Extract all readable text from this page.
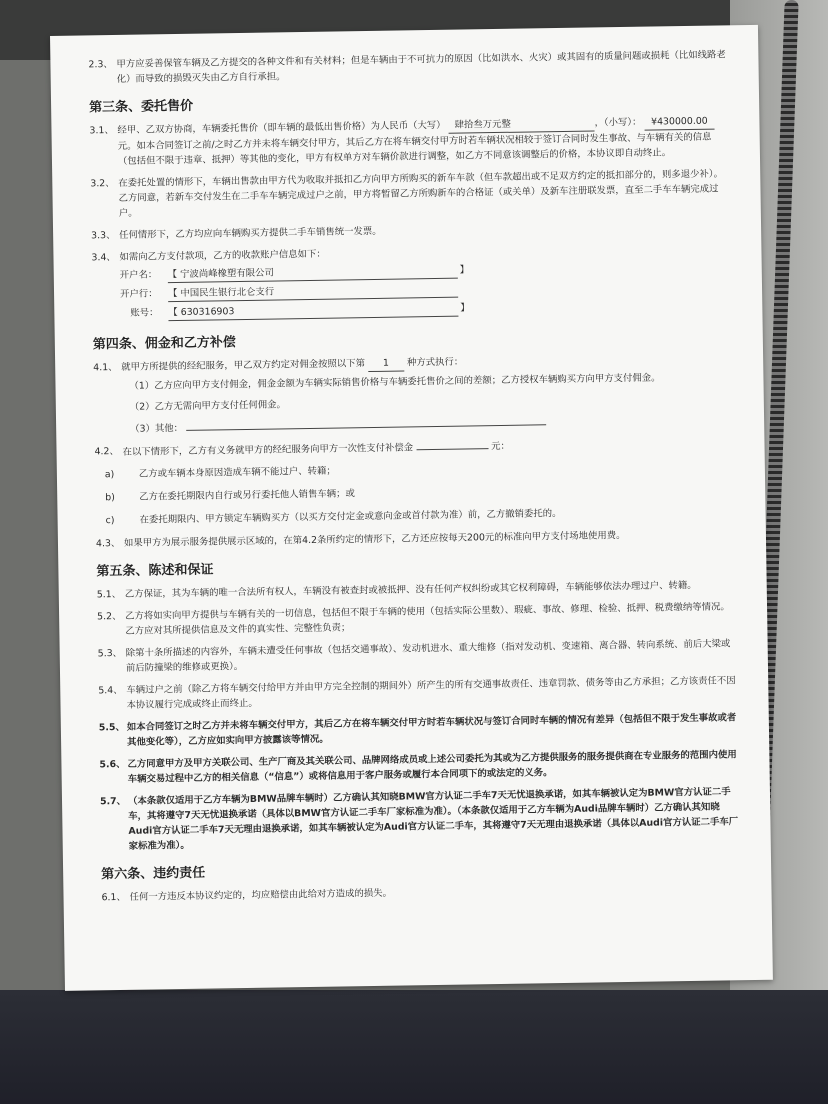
2.3、 甲方应妥善保管车辆及乙方提交的各种文件和有关材料；但是车辆由于不可抗力的原因（比如洪水、火灾）或其固有的质量问题或损耗（比如线路老化）而导致的损毁灭失由乙方自行承担。
第三条、委托售价
3.1、 经甲、乙双方协商，车辆委托售价（即车辆的最低出售价格）为人民币（大写） 肆拾叁万元整	，（小写）： ¥430000.00 元。如本合同签订之前/之时乙方并未将车辆交付甲方，其后乙方在将车辆交付甲方时若车辆状况相较于签订合同时发生事故、与车辆有关的信息（包括但不限于违章、抵押）等其他的变化，甲方有权单方对车辆价款进行调整，如乙方不同意该调整后的价格，本协议即自动终止。
3.2、 在委托处置的情形下，车辆出售款由甲方代为收取并抵扣乙方向甲方所购买的新车车款（但车款超出或不足双方约定的抵扣部分的，则多退少补）。乙方同意，若新车交付发生在二手车车辆完成过户之前，甲方将暂留乙方所购新车的合格证（或关单）及新车注册联发票，直至二手车车辆完成过户。
3.3、 任何情形下，乙方均应向车辆购买方提供二手车销售统一发票。
3.4、 如需向乙方支付款项，乙方的收款账户信息如下：
开户名： 【 宁波尚峰橡塑有限公司	】
开户行： 【 中国民生银行北仑支行
账号： 【 630316903	】
第四条、佣金和乙方补偿
4.1、 就甲方所提供的经纪服务，甲乙双方约定对佣金按照以下第 1 种方式执行：
（1）乙方应向甲方支付佣金，佣金金额为车辆实际销售价格与车辆委托售价之间的差额；乙方授权车辆购买方向甲方支付佣金。
（2）乙方无需向甲方支付任何佣金。
（3）其他：
4.2、 在以下情形下，乙方有义务就甲方的经纪服务向甲方一次性支付补偿金	元：
a)	乙方或车辆本身原因造成车辆不能过户、转籍；
b)	乙方在委托期限内自行或另行委托他人销售车辆；或
c)	在委托期限内、甲方锁定车辆购买方（以买方交付定金或意向金或首付款为准）前，乙方撤销委托的。
4.3、 如果甲方为展示服务提供展示区域的，在第4.2条所约定的情形下，乙方还应按每天200元的标准向甲方支付场地使用费。
第五条、陈述和保证
5.1、 乙方保证，其为车辆的唯一合法所有权人，车辆没有被查封或被抵押、没有任何产权纠纷或其它权利障碍，车辆能够依法办理过户、转籍。
5.2、 乙方将如实向甲方提供与车辆有关的一切信息，包括但不限于车辆的使用（包括实际公里数）、瑕疵、事故、修理、检验、抵押、税费缴纳等情况。乙方应对其所提供信息及文件的真实性、完整性负责；
5.3、 除第十条所描述的内容外，车辆未遭受任何事故（包括交通事故）、发动机进水、重大维修（指对发动机、变速箱、离合器、转向系统、前后大梁或前后防撞梁的维修或更换）。
5.4、 车辆过户之前（除乙方将车辆交付给甲方并由甲方完全控制的期间外）所产生的所有交通事故责任、违章罚款、债务等由乙方承担；乙方该责任不因本协议履行完成或终止而终止。
5.5、 如本合同签订之时乙方并未将车辆交付甲方，其后乙方在将车辆交付甲方时若车辆状况与签订合同时车辆的情况有差异（包括但不限于发生事故或者其他变化等），乙方应如实向甲方披露该等情况。
5.6、 乙方同意甲方及甲方关联公司、生产厂商及其关联公司、品牌网络成员或上述公司委托为其或为乙方提供服务的服务提供商在专业服务的范围内使用车辆交易过程中乙方的相关信息（“信息”）或将信息用于客户服务或履行本合同项下的或法定的义务。
5.7、 （本条款仅适用于乙方车辆为BMW品牌车辆时）乙方确认其知晓BMW官方认证二手车7天无忧退换承诺，如其车辆被认定为BMW官方认证二手车，其将遵守7天无忧退换承诺（具体以BMW官方认证二手车厂家标准为准）。（本条款仅适用于乙方车辆为Audi品牌车辆时）乙方确认其知晓Audi官方认证二手车7天无理由退换承诺，如其车辆被认定为Audi官方认证二手车，其将遵守7天无理由退换承诺（具体以Audi官方认证二手车厂家标准为准）。
第六条、违约责任
6.1、 任何一方违反本协议约定的，均应赔偿由此给对方造成的损失。
